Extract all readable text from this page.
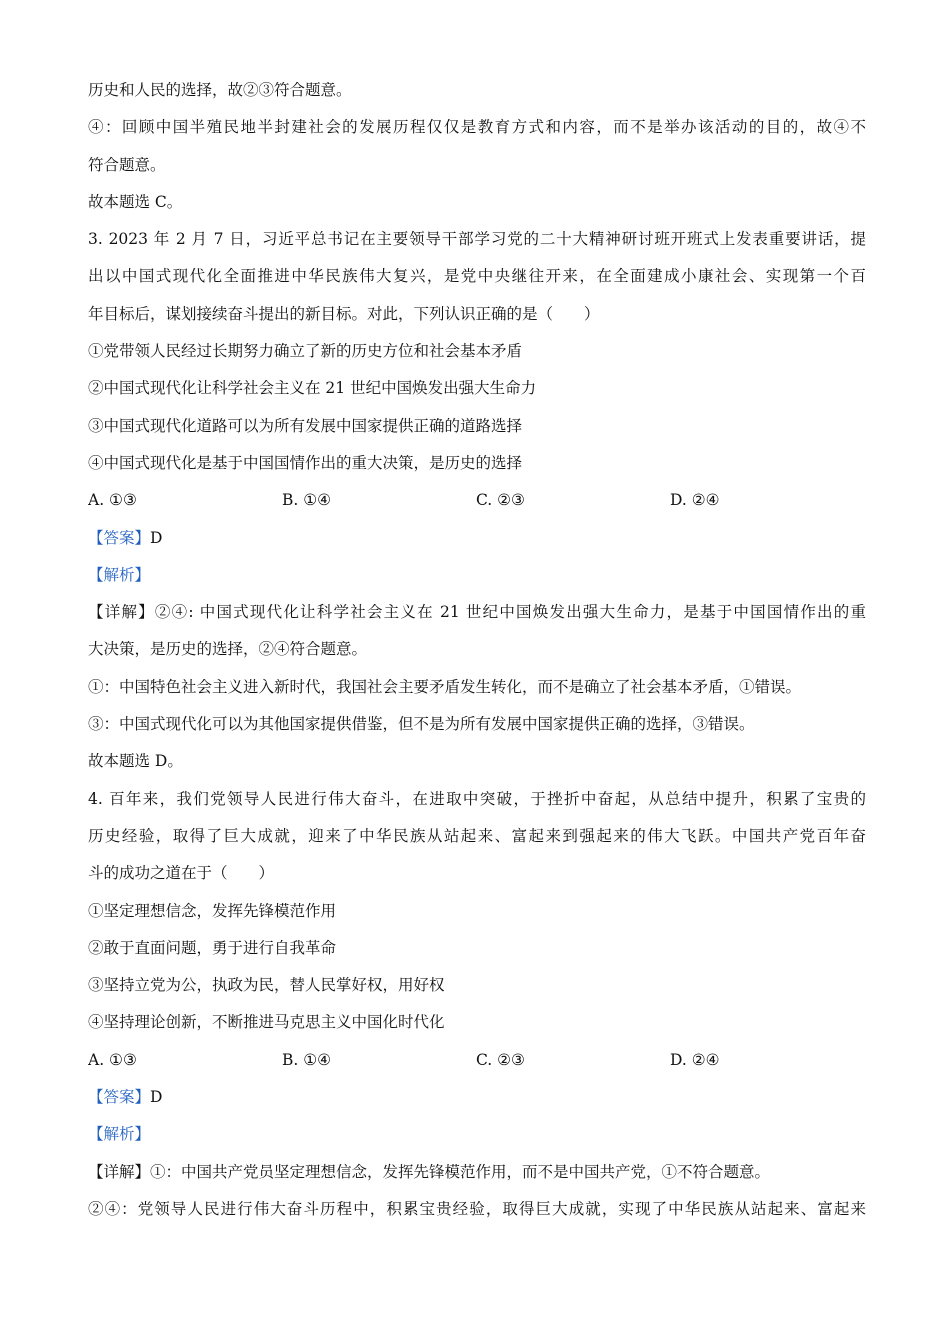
历史和人民的选择，故②③符合题意。
④：回顾中国半殖民地半封建社会的发展历程仅仅是教育方式和内容，而不是举办该活动的目的，故④不
符合题意。
故本题选 C。
3. 2023 年 2 月 7 日，习近平总书记在主要领导干部学习党的二十大精神研讨班开班式上发表重要讲话，提
出以中国式现代化全面推进中华民族伟大复兴，是党中央继往开来，在全面建成小康社会、实现第一个百
年目标后，谋划接续奋斗提出的新目标。对此，下列认识正确的是（　　）
①党带领人民经过长期努力确立了新的历史方位和社会基本矛盾
②中国式现代化让科学社会主义在 21 世纪中国焕发出强大生命力
③中国式现代化道路可以为所有发展中国家提供正确的道路选择
④中国式现代化是基于中国国情作出的重大决策，是历史的选择
A. ①③	B. ①④	C. ②③	D. ②④
【答案】D
【解析】
【详解】②④: 中国式现代化让科学社会主义在 21 世纪中国焕发出强大生命力，是基于中国国情作出的重
大决策，是历史的选择，②④符合题意。
①：中国特色社会主义进入新时代，我国社会主要矛盾发生转化，而不是确立了社会基本矛盾，①错误。
③：中国式现代化可以为其他国家提供借鉴，但不是为所有发展中国家提供正确的选择，③错误。
故本题选 D。
4. 百年来，我们党领导人民进行伟大奋斗，在进取中突破，于挫折中奋起，从总结中提升，积累了宝贵的
历史经验，取得了巨大成就，迎来了中华民族从站起来、富起来到强起来的伟大飞跃。中国共产党百年奋
斗的成功之道在于（　　）
①坚定理想信念，发挥先锋模范作用
②敢于直面问题，勇于进行自我革命
③坚持立党为公，执政为民，替人民掌好权，用好权
④坚持理论创新，不断推进马克思主义中国化时代化
A. ①③	B. ①④	C. ②③	D. ②④
【答案】D
【解析】
【详解】①：中国共产党员坚定理想信念，发挥先锋模范作用，而不是中国共产党，①不符合题意。
②④：党领导人民进行伟大奋斗历程中，积累宝贵经验，取得巨大成就，实现了中华民族从站起来、富起来
